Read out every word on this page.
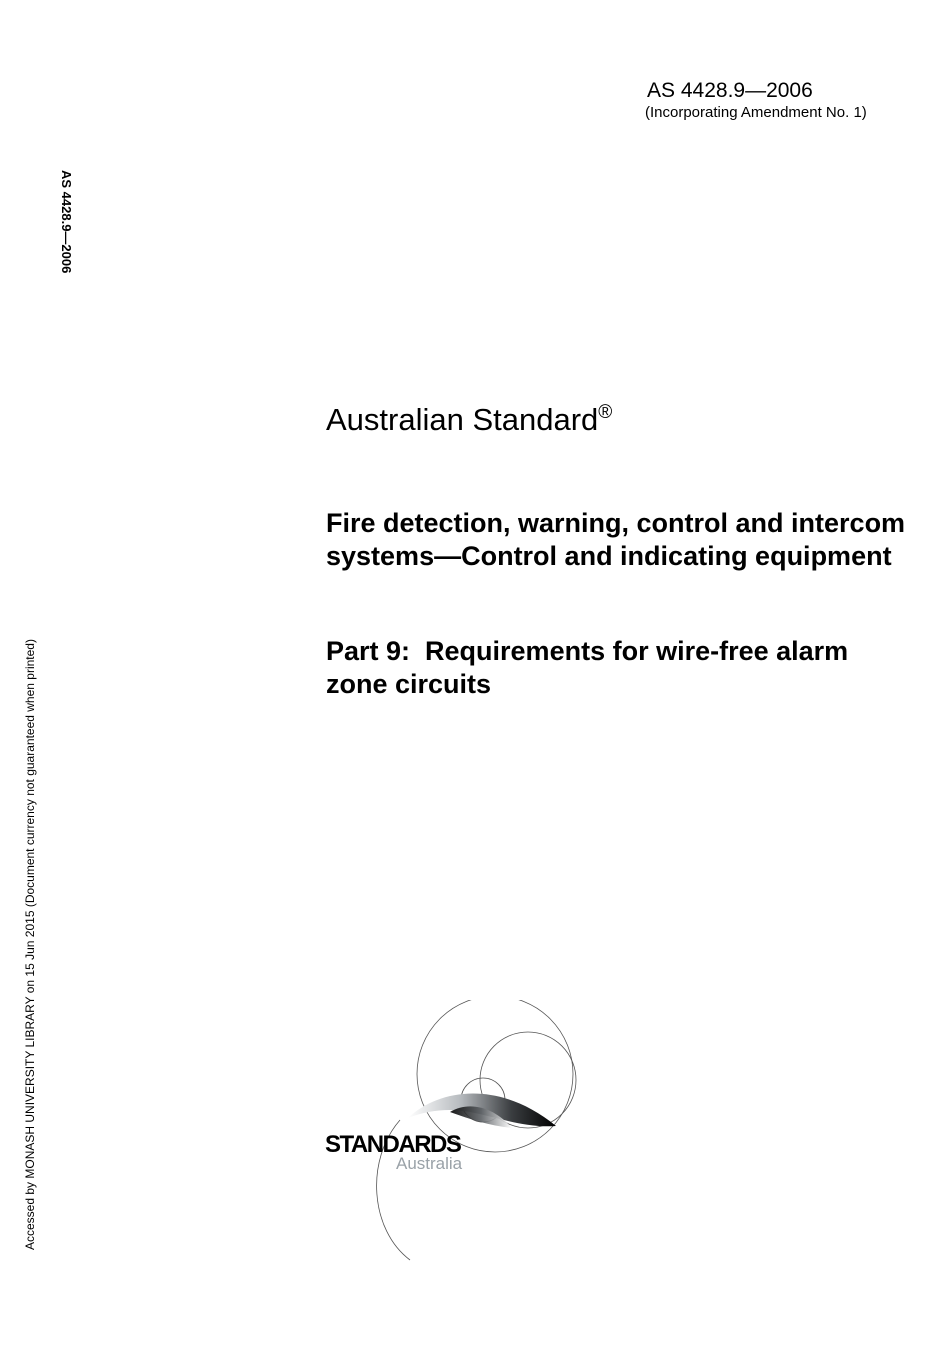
AS 4428.9—2006
(Incorporating Amendment No. 1)
AS 4428.9—2006
Accessed by MONASH UNIVERSITY LIBRARY on 15 Jun 2015 (Document currency not guaranteed when printed)
Australian Standard®
Fire detection, warning, control and intercom systems—Control and indicating equipment
Part 9:  Requirements for wire-free alarm zone circuits
STANDARDS
Australia
